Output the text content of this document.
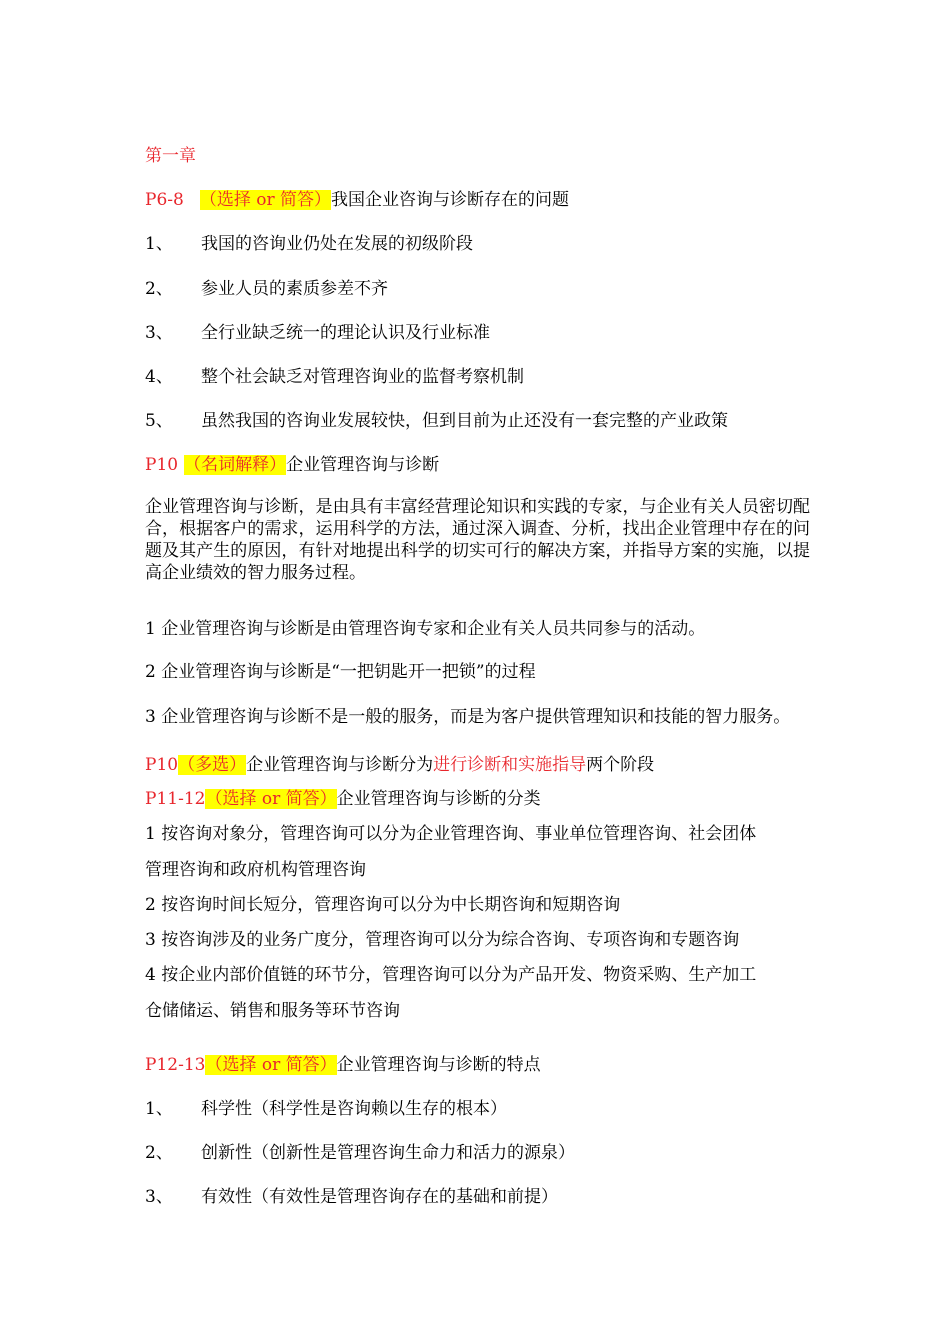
第一章
P6-8 （选择 or 简答）我国企业咨询与诊断存在的问题
1、 我国的咨询业仍处在发展的初级阶段
2、 参业人员的素质参差不齐
3、 全行业缺乏统一的理论认识及行业标准
4、 整个社会缺乏对管理咨询业的监督考察机制
5、 虽然我国的咨询业发展较快，但到目前为止还没有一套完整的产业政策
P10 （名词解释）企业管理咨询与诊断
企业管理咨询与诊断，是由具有丰富经营理论知识和实践的专家，与企业有关人员密切配合，根据客户的需求，运用科学的方法，通过深入调查、分析，找出企业管理中存在的问题及其产生的原因，有针对地提出科学的切实可行的解决方案，并指导方案的实施，以提高企业绩效的智力服务过程。
1 企业管理咨询与诊断是由管理咨询专家和企业有关人员共同参与的活动。
2 企业管理咨询与诊断是“一把钥匙开一把锁”的过程
3 企业管理咨询与诊断不是一般的服务，而是为客户提供管理知识和技能的智力服务。
P10（多选）企业管理咨询与诊断分为进行诊断和实施指导两个阶段
P11-12（选择 or 简答）企业管理咨询与诊断的分类
1 按咨询对象分，管理咨询可以分为企业管理咨询、事业单位管理咨询、社会团体
管理咨询和政府机构管理咨询
2 按咨询时间长短分，管理咨询可以分为中长期咨询和短期咨询
3 按咨询涉及的业务广度分，管理咨询可以分为综合咨询、专项咨询和专题咨询
4 按企业内部价值链的环节分，管理咨询可以分为产品开发、物资采购、生产加工
仓储储运、销售和服务等环节咨询
P12-13（选择 or 简答）企业管理咨询与诊断的特点
1、 科学性（科学性是咨询赖以生存的根本）
2、 创新性（创新性是管理咨询生命力和活力的源泉）
3、 有效性（有效性是管理咨询存在的基础和前提）
